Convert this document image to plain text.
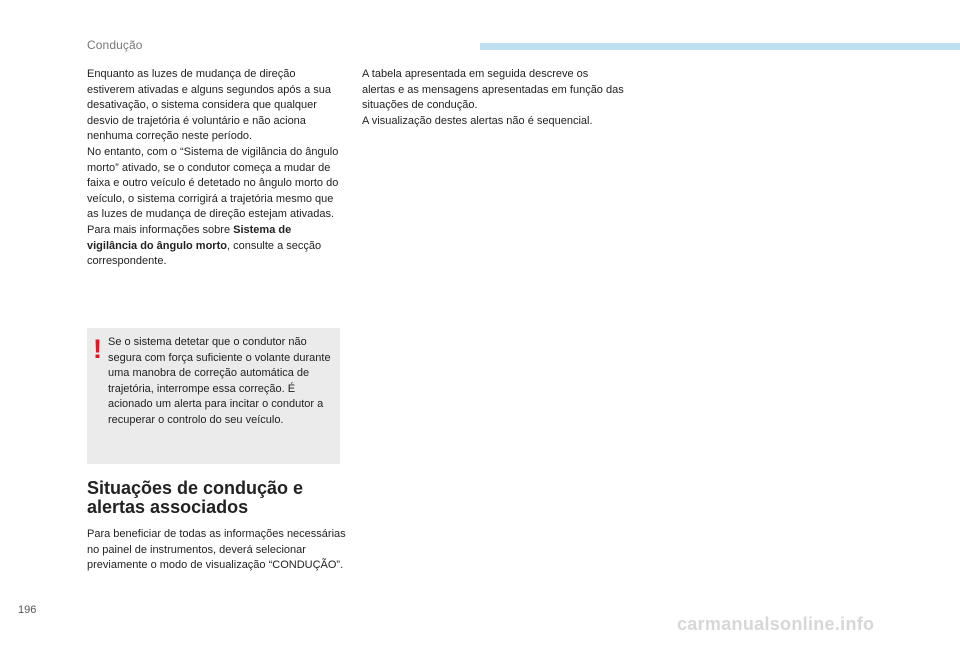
Condução

Enquanto as luzes de mudança de direção estiverem ativadas e alguns segundos após a sua desativação, o sistema considera que qualquer desvio de trajetória é voluntário e não aciona nenhuma correção neste período.

No entanto, com o “Sistema de vigilância do ângulo morto” ativado, se o condutor começa a mudar de faixa e outro veículo é detetado no ângulo morto do veículo, o sistema corrigirá a trajetória mesmo que as luzes de mudança de direção estejam ativadas.

Para mais informações sobre Sistema de vigilância do ângulo morto, consulte a secção correspondente.

! Se o sistema detetar que o condutor não segura com força suficiente o volante durante uma manobra de correção automática de trajetória, interrompe essa correção. É acionado um alerta para incitar o condutor a recuperar o controlo do seu veículo.
Situações de condução e alertas associados

Para beneficiar de todas as informações necessárias no painel de instrumentos, deverá selecionar previamente o modo de visualização “CONDUÇÃO”.

A tabela apresentada em seguida descreve os alertas e as mensagens apresentadas em função das situações de condução.

A visualização destes alertas não é sequencial.

196
carmanualsonline.info
